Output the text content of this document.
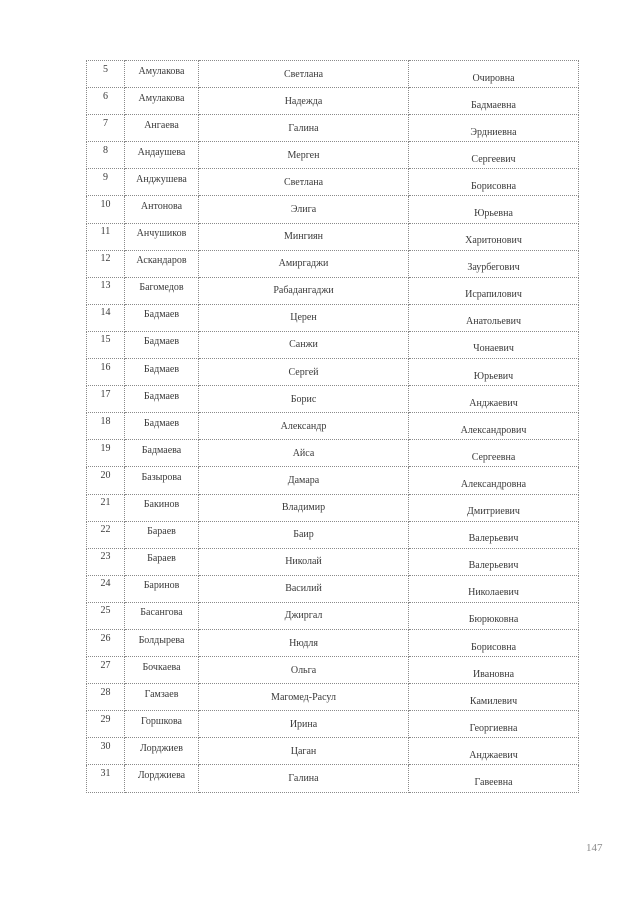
5	Амулакова	Светлана	Очировна
6	Амулакова	Надежда	Бадмаевна
7	Ангаева	Галина	Эрдниевна
8	Андаушева	Мерген	Сергеевич
9	Анджушева	Светлана	Борисовна
10	Антонова	Элига	Юрьевна
11	Анчушиков	Мингиян	Харитонович
12	Аскандаров	Амиргаджи	Заурбегович
13	Багомедов	Рабадангаджи	Исрапилович
14	Бадмаев	Церен	Анатольевич
15	Бадмаев	Санжи	Чонаевич
16	Бадмаев	Сергей	Юрьевич
17	Бадмаев	Борис	Анджаевич
18	Бадмаев	Александр	Александрович
19	Бадмаева	Айса	Сергеевна
20	Базырова	Дамара	Александровна
21	Бакинов	Владимир	Дмитриевич
22	Бараев	Баир	Валерьевич
23	Бараев	Николай	Валерьевич
24	Баринов	Василий	Николаевич
25	Басангова	Джиргал	Бюрюковна
26	Болдырева	Нюдля	Борисовна
27	Бочкаева	Ольга	Ивановна
28	Гамзаев	Магомед-Расул	Камилевич
29	Горшкова	Ирина	Георгиевна
30	Лорджиев	Цаган	Анджаевич
31	Лорджиева	Галина	Гавеевна
147
